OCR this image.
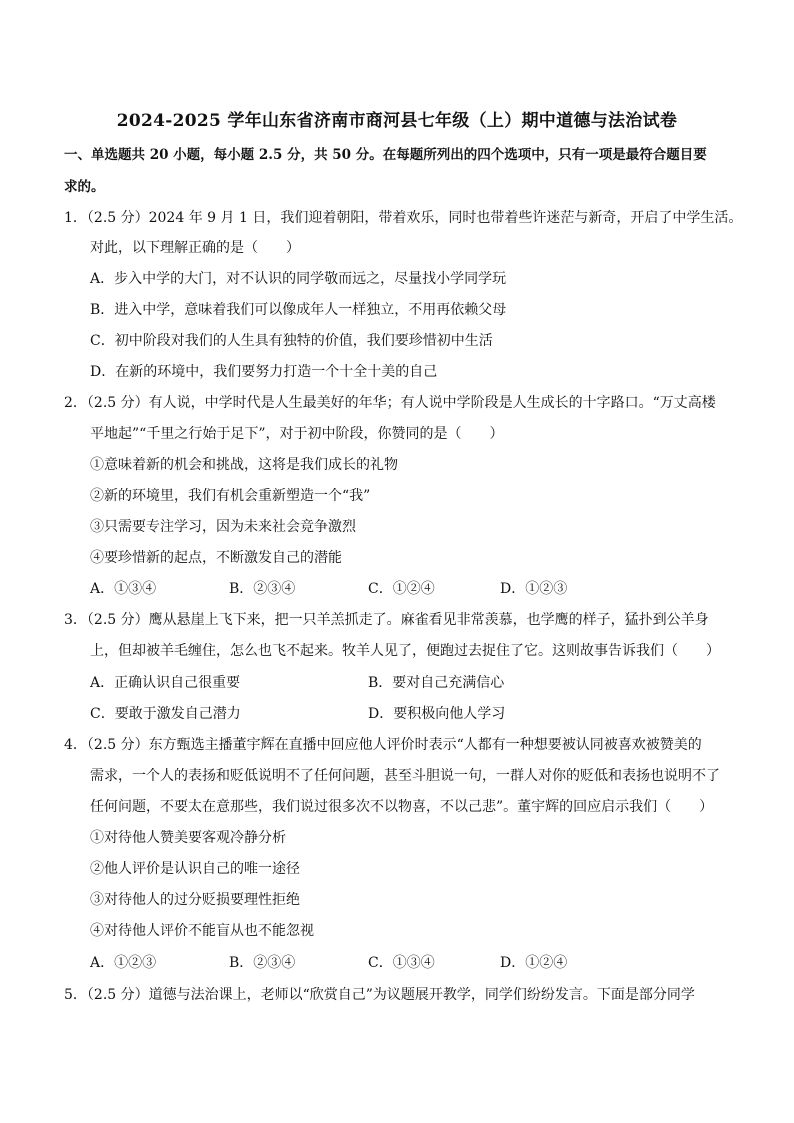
2024-2025 学年山东省济南市商河县七年级（上）期中道德与法治试卷
一、单选题共 20 小题，每小题 2.5 分，共 50 分。在每题所列出的四个选项中，只有一项是最符合题目要
求的。
1．（2.5 分）2024 年 9 月 1 日，我们迎着朝阳，带着欢乐，同时也带着些许迷茫与新奇，开启了中学生活。
对此，以下理解正确的是（　　）
A．步入中学的大门，对不认识的同学敬而远之，尽量找小学同学玩
B．进入中学，意味着我们可以像成年人一样独立，不用再依赖父母
C．初中阶段对我们的人生具有独特的价值，我们要珍惜初中生活
D．在新的环境中，我们要努力打造一个十全十美的自己
2．（2.5 分）有人说，中学时代是人生最美好的年华；有人说中学阶段是人生成长的十字路口。“万丈高楼
平地起”“千里之行始于足下”，对于初中阶段，你赞同的是（　　）
①意味着新的机会和挑战，这将是我们成长的礼物
②新的环境里，我们有机会重新塑造一个“我”
③只需要专注学习，因为未来社会竞争激烈
④要珍惜新的起点，不断激发自己的潜能
A．①③④	B．②③④	C．①②④	D．①②③
3．（2.5 分）鹰从悬崖上飞下来，把一只羊羔抓走了。麻雀看见非常羡慕，也学鹰的样子，猛扑到公羊身
上，但却被羊毛缠住，怎么也飞不起来。牧羊人见了，便跑过去捉住了它。这则故事告诉我们（　　）
A．正确认识自己很重要	B．要对自己充满信心
C．要敢于激发自己潜力	D．要积极向他人学习
4．（2.5 分）东方甄选主播董宇辉在直播中回应他人评价时表示“人都有一种想要被认同被喜欢被赞美的
需求，一个人的表扬和贬低说明不了任何问题，甚至斗胆说一句，一群人对你的贬低和表扬也说明不了
任何问题，不要太在意那些，我们说过很多次不以物喜，不以己悲”。董宇辉的回应启示我们（　　）
①对待他人赞美要客观冷静分析
②他人评价是认识自己的唯一途径
③对待他人的过分贬损要理性拒绝
④对待他人评价不能盲从也不能忽视
A．①②③	B．②③④	C．①③④	D．①②④
5．（2.5 分）道德与法治课上，老师以“欣赏自己”为议题展开教学，同学们纷纷发言。下面是部分同学
